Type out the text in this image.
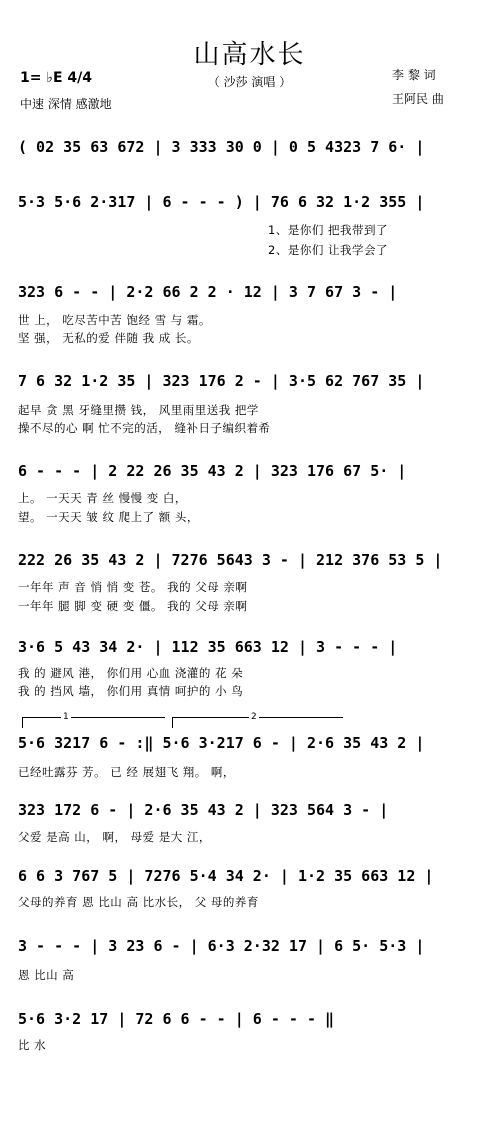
山高水长
（ 沙莎 演唱 ）
1= ♭E 4/4
中速 深情 感激地
李 黎 词
王阿民 曲
( 02 35 63 672 | 3 333 30 0 | 0 5 4323 7 6· |
5·3 5·6 2·317 | 6 - - - ) | 76 6 32 1·2 355 |
1、是你们 把我带到了
2、是你们 让我学会了
323 6 - - | 2·2 66 2 2 · 12 | 3 7 67 3 - |
世 上， 吃尽苦中苦 饱经 雪 与 霜。
坚 强， 无私的爱 伴随 我 成 长。
7 6 32 1·2 35 | 323 176 2 - | 3·5 62 767 35 |
起早 贪 黑 牙缝里攒 钱， 风里雨里送我 把学
操不尽的心 啊 忙不完的活， 缝补日子编织着希
6 - - - | 2 22 26 35 43 2 | 323 176 67 5· |
上。 一天天 青 丝 慢慢 变 白，
望。 一天天 皱 纹 爬上了 额 头，
222 26 35 43 2 | 7276 5643 3 - | 212 376 53 5 |
一年年 声 音 悄 悄 变 苍。 我的 父母 亲啊
一年年 腿 脚 变 硬 变 僵。 我的 父母 亲啊
3·6 5 43 34 2· | 112 35 663 12 | 3 - - - |
我 的 避风 港， 你们用 心血 浇灌的 花 朵
我 的 挡风 墙， 你们用 真情 呵护的 小 鸟
1	2
5·6 3217 6 - :‖ 5·6 3·217 6 - | 2·6 35 43 2 |
已经吐露芬 芳。 已 经 展翅飞 翔。 啊，
323 172 6 - | 2·6 35 43 2 | 323 564 3 - |
父爱 是高 山， 啊， 母爱 是大 江，
6 6 3 767 5 | 7276 5·4 34 2· | 1·2 35 663 12 |
父母的养育 恩 比山 高 比水长， 父 母的养育
3 - - - | 3 23 6 - | 6·3 2·32 17 | 6 5· 5·3 |
恩 比山 高
5·6 3·2 17 | 72 6 6 - - | 6 - - - ‖
比 水
